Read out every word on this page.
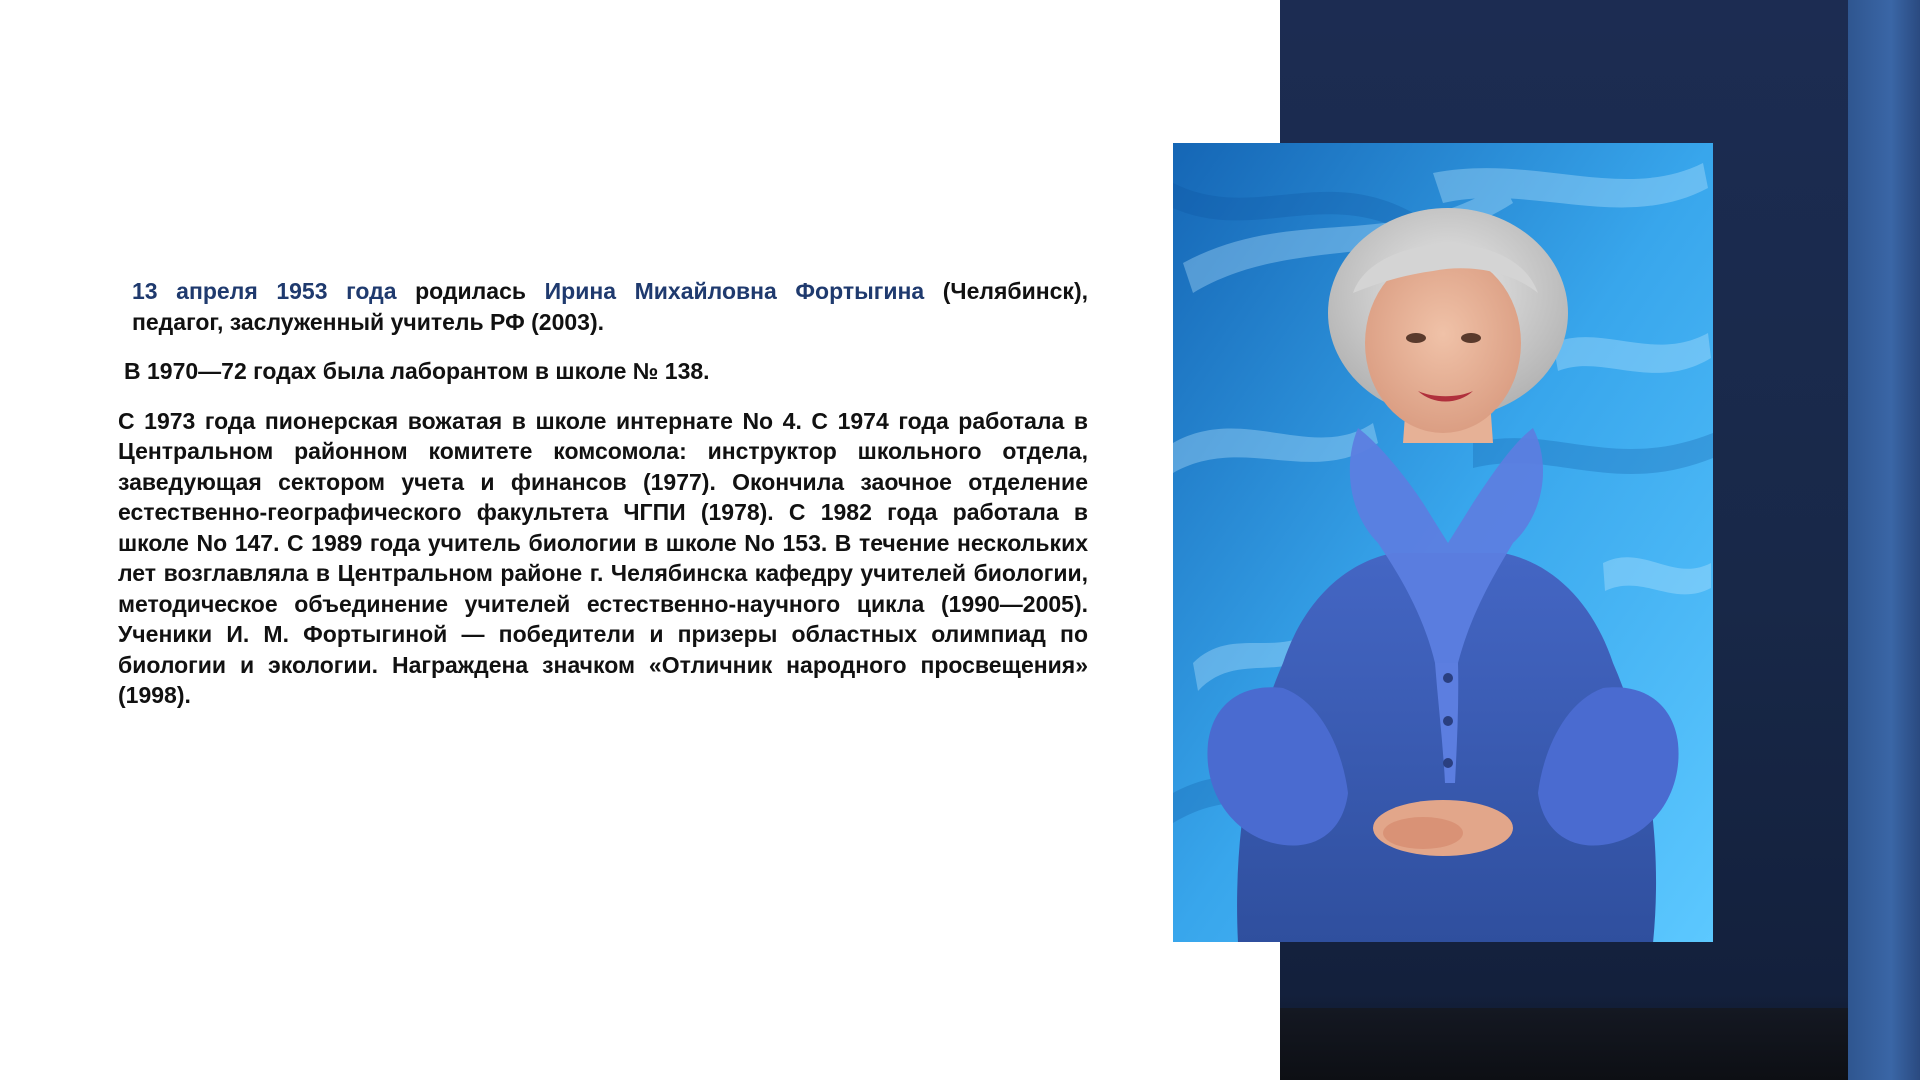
13 апреля 1953 года родилась Ирина Михайловна Фортыгина (Челябинск), педагог, заслуженный учитель РФ (2003).

В 1970—72 годах была лаборантом в школе № 138.

С 1973 года пионерская вожатая в школе интернате No 4. С 1974 года работала в Центральном районном комитете комсомола: инструктор школьного отдела, заведующая сектором учета и финансов (1977). Окончила заочное отделение естественно-географического факультета ЧГПИ (1978). С 1982 года работала в школе No 147. С 1989 года учитель биологии в школе No 153. В течение нескольких лет возглавляла в Центральном районе г. Челябинска кафедру учителей биологии, методическое объединение учителей естественно-научного цикла (1990—2005). Ученики И. М. Фортыгиной — победители и призеры областных олимпиад по биологии и экологии. Награждена значком «Отличник народного просвещения» (1998).
